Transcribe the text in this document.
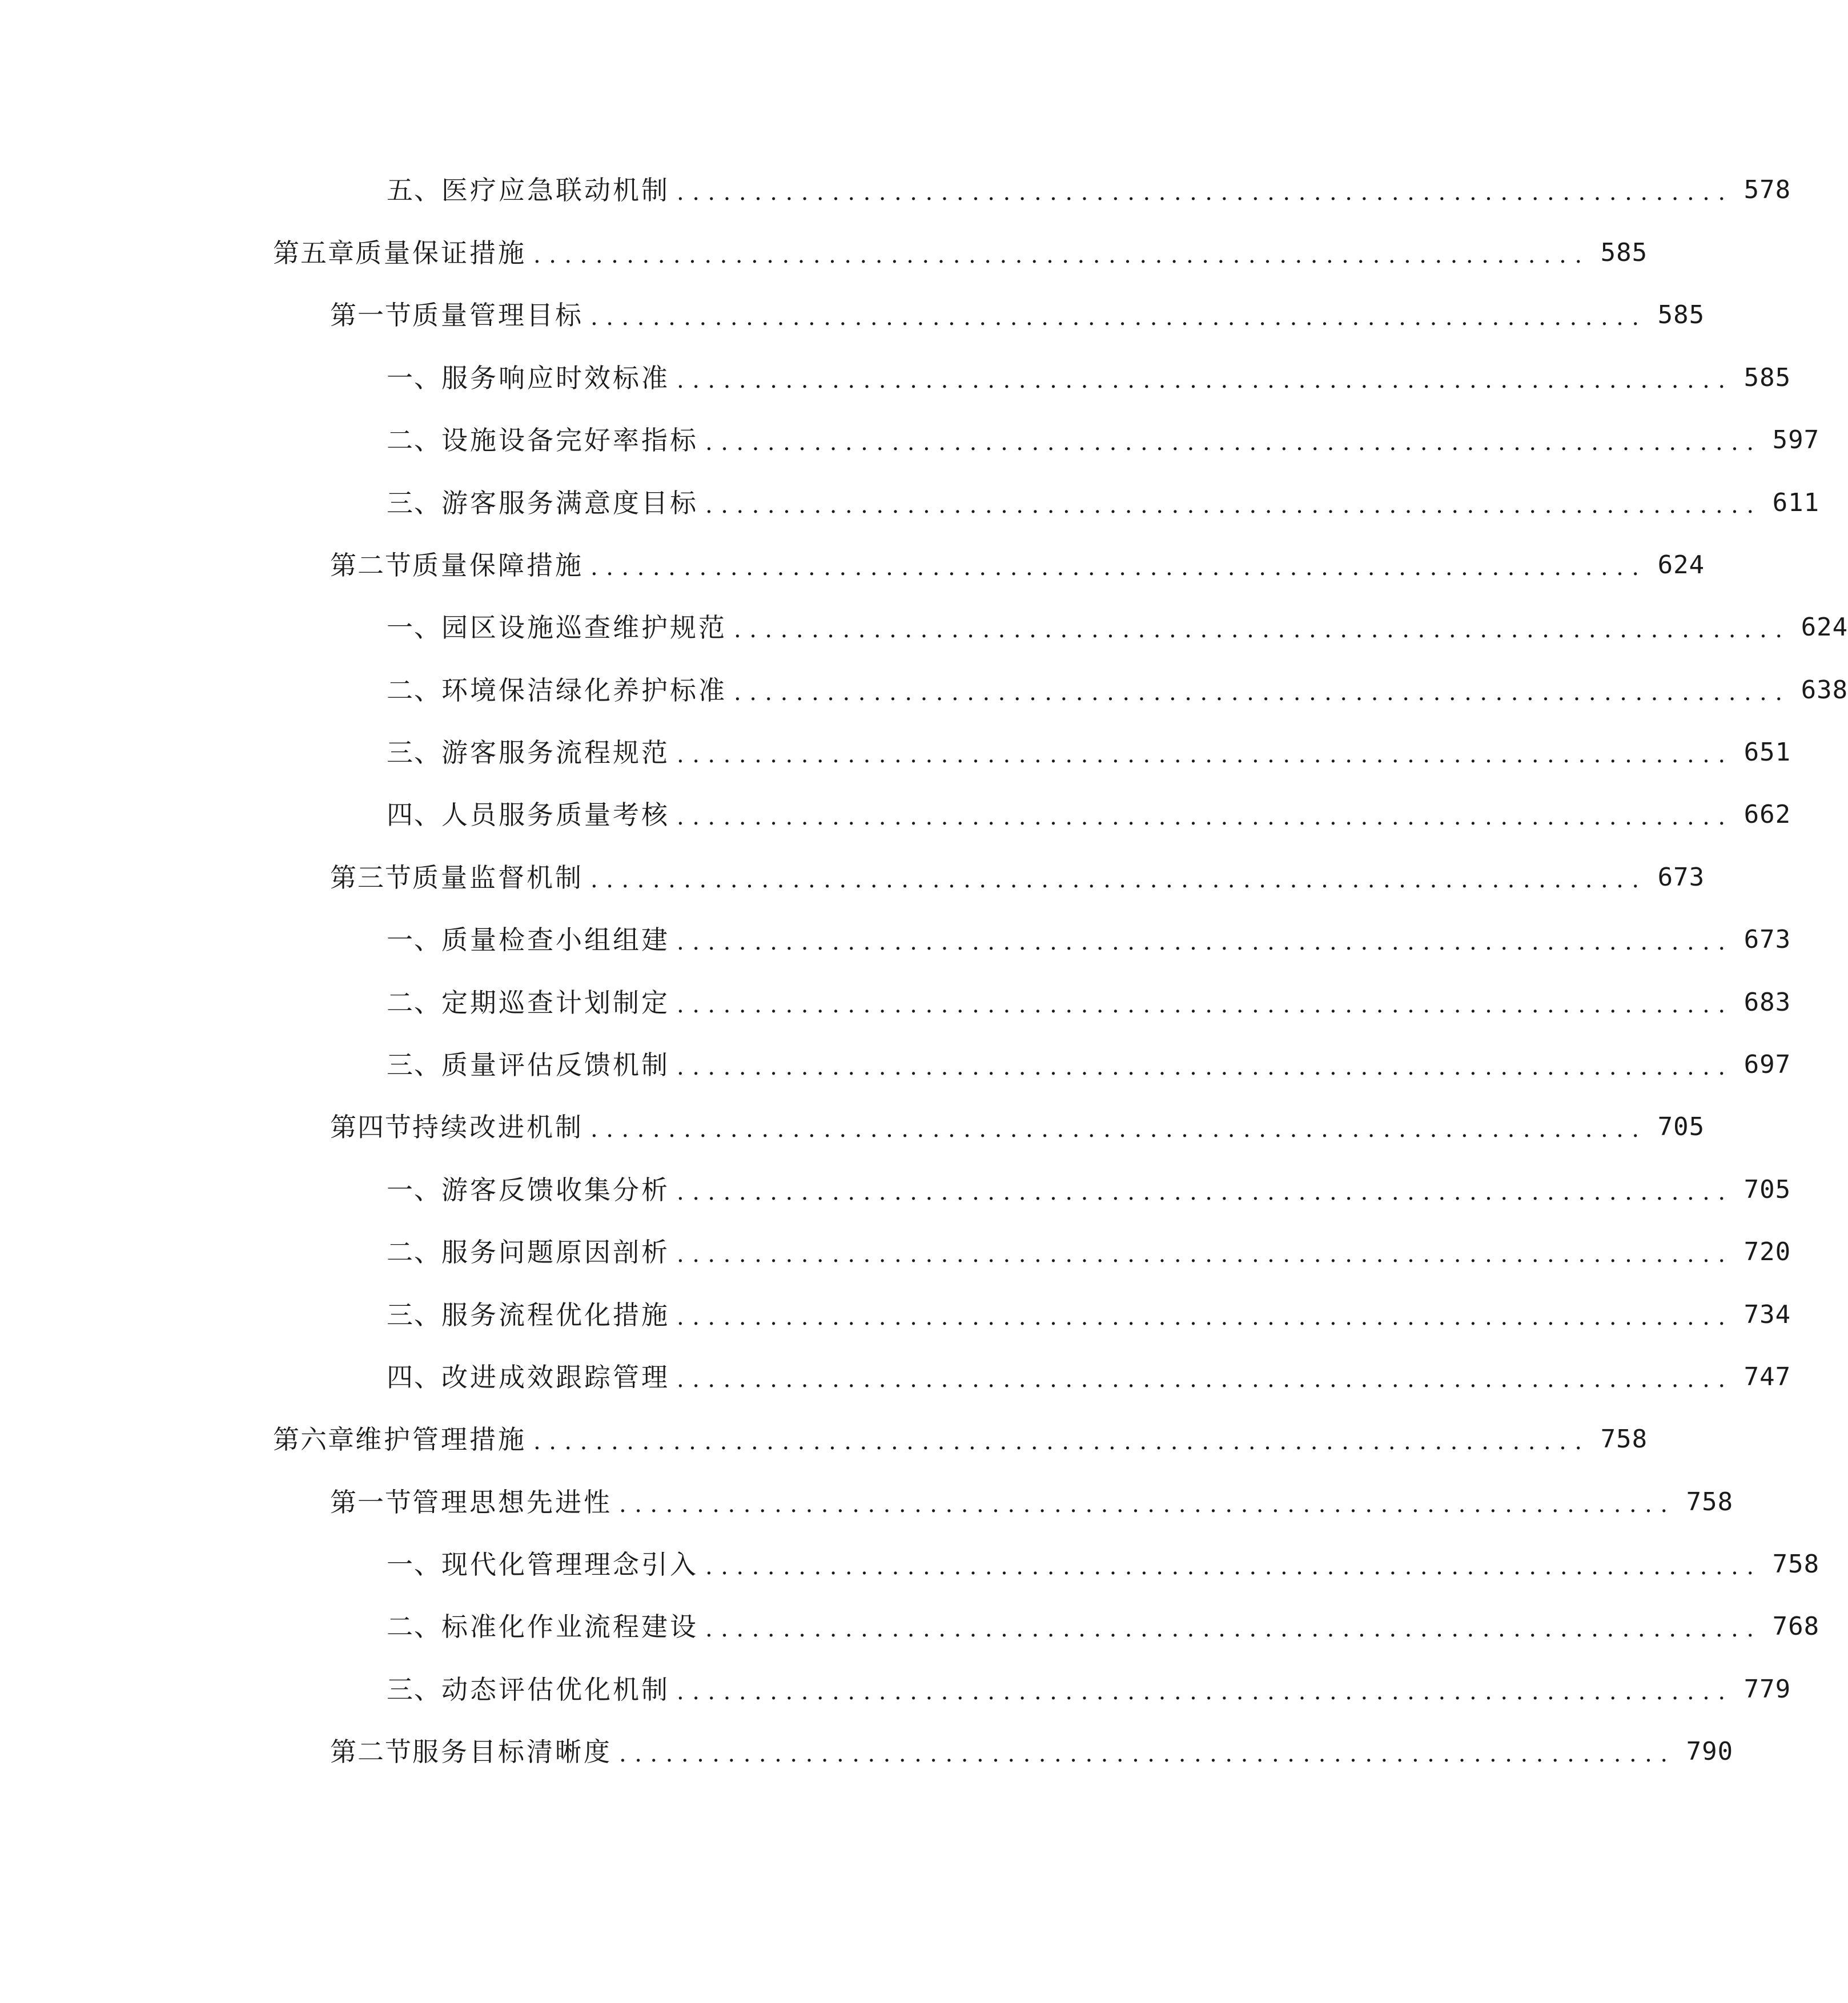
五、 医疗应急联动机制 .................................................................... 578
第五章 质量保证措施 .................................................................... 585
第一节 质量管理目标 .................................................................... 585
一、 服务响应时效标准 .................................................................... 585
二、 设施设备完好率指标 .................................................................... 597
三、 游客服务满意度目标 .................................................................... 611
第二节 质量保障措施 .................................................................... 624
一、 园区设施巡查维护规范 .................................................................... 624
二、 环境保洁绿化养护标准 .................................................................... 638
三、 游客服务流程规范 .................................................................... 651
四、 人员服务质量考核 .................................................................... 662
第三节 质量监督机制 .................................................................... 673
一、 质量检查小组组建 .................................................................... 673
二、 定期巡查计划制定 .................................................................... 683
三、 质量评估反馈机制 .................................................................... 697
第四节 持续改进机制 .................................................................... 705
一、 游客反馈收集分析 .................................................................... 705
二、 服务问题原因剖析 .................................................................... 720
三、 服务流程优化措施 .................................................................... 734
四、 改进成效跟踪管理 .................................................................... 747
第六章 维护管理措施 .................................................................... 758
第一节 管理思想先进性 .................................................................... 758
一、 现代化管理理念引入 .................................................................... 758
二、 标准化作业流程建设 .................................................................... 768
三、 动态评估优化机制 .................................................................... 779
第二节 服务目标清晰度 .................................................................... 790
